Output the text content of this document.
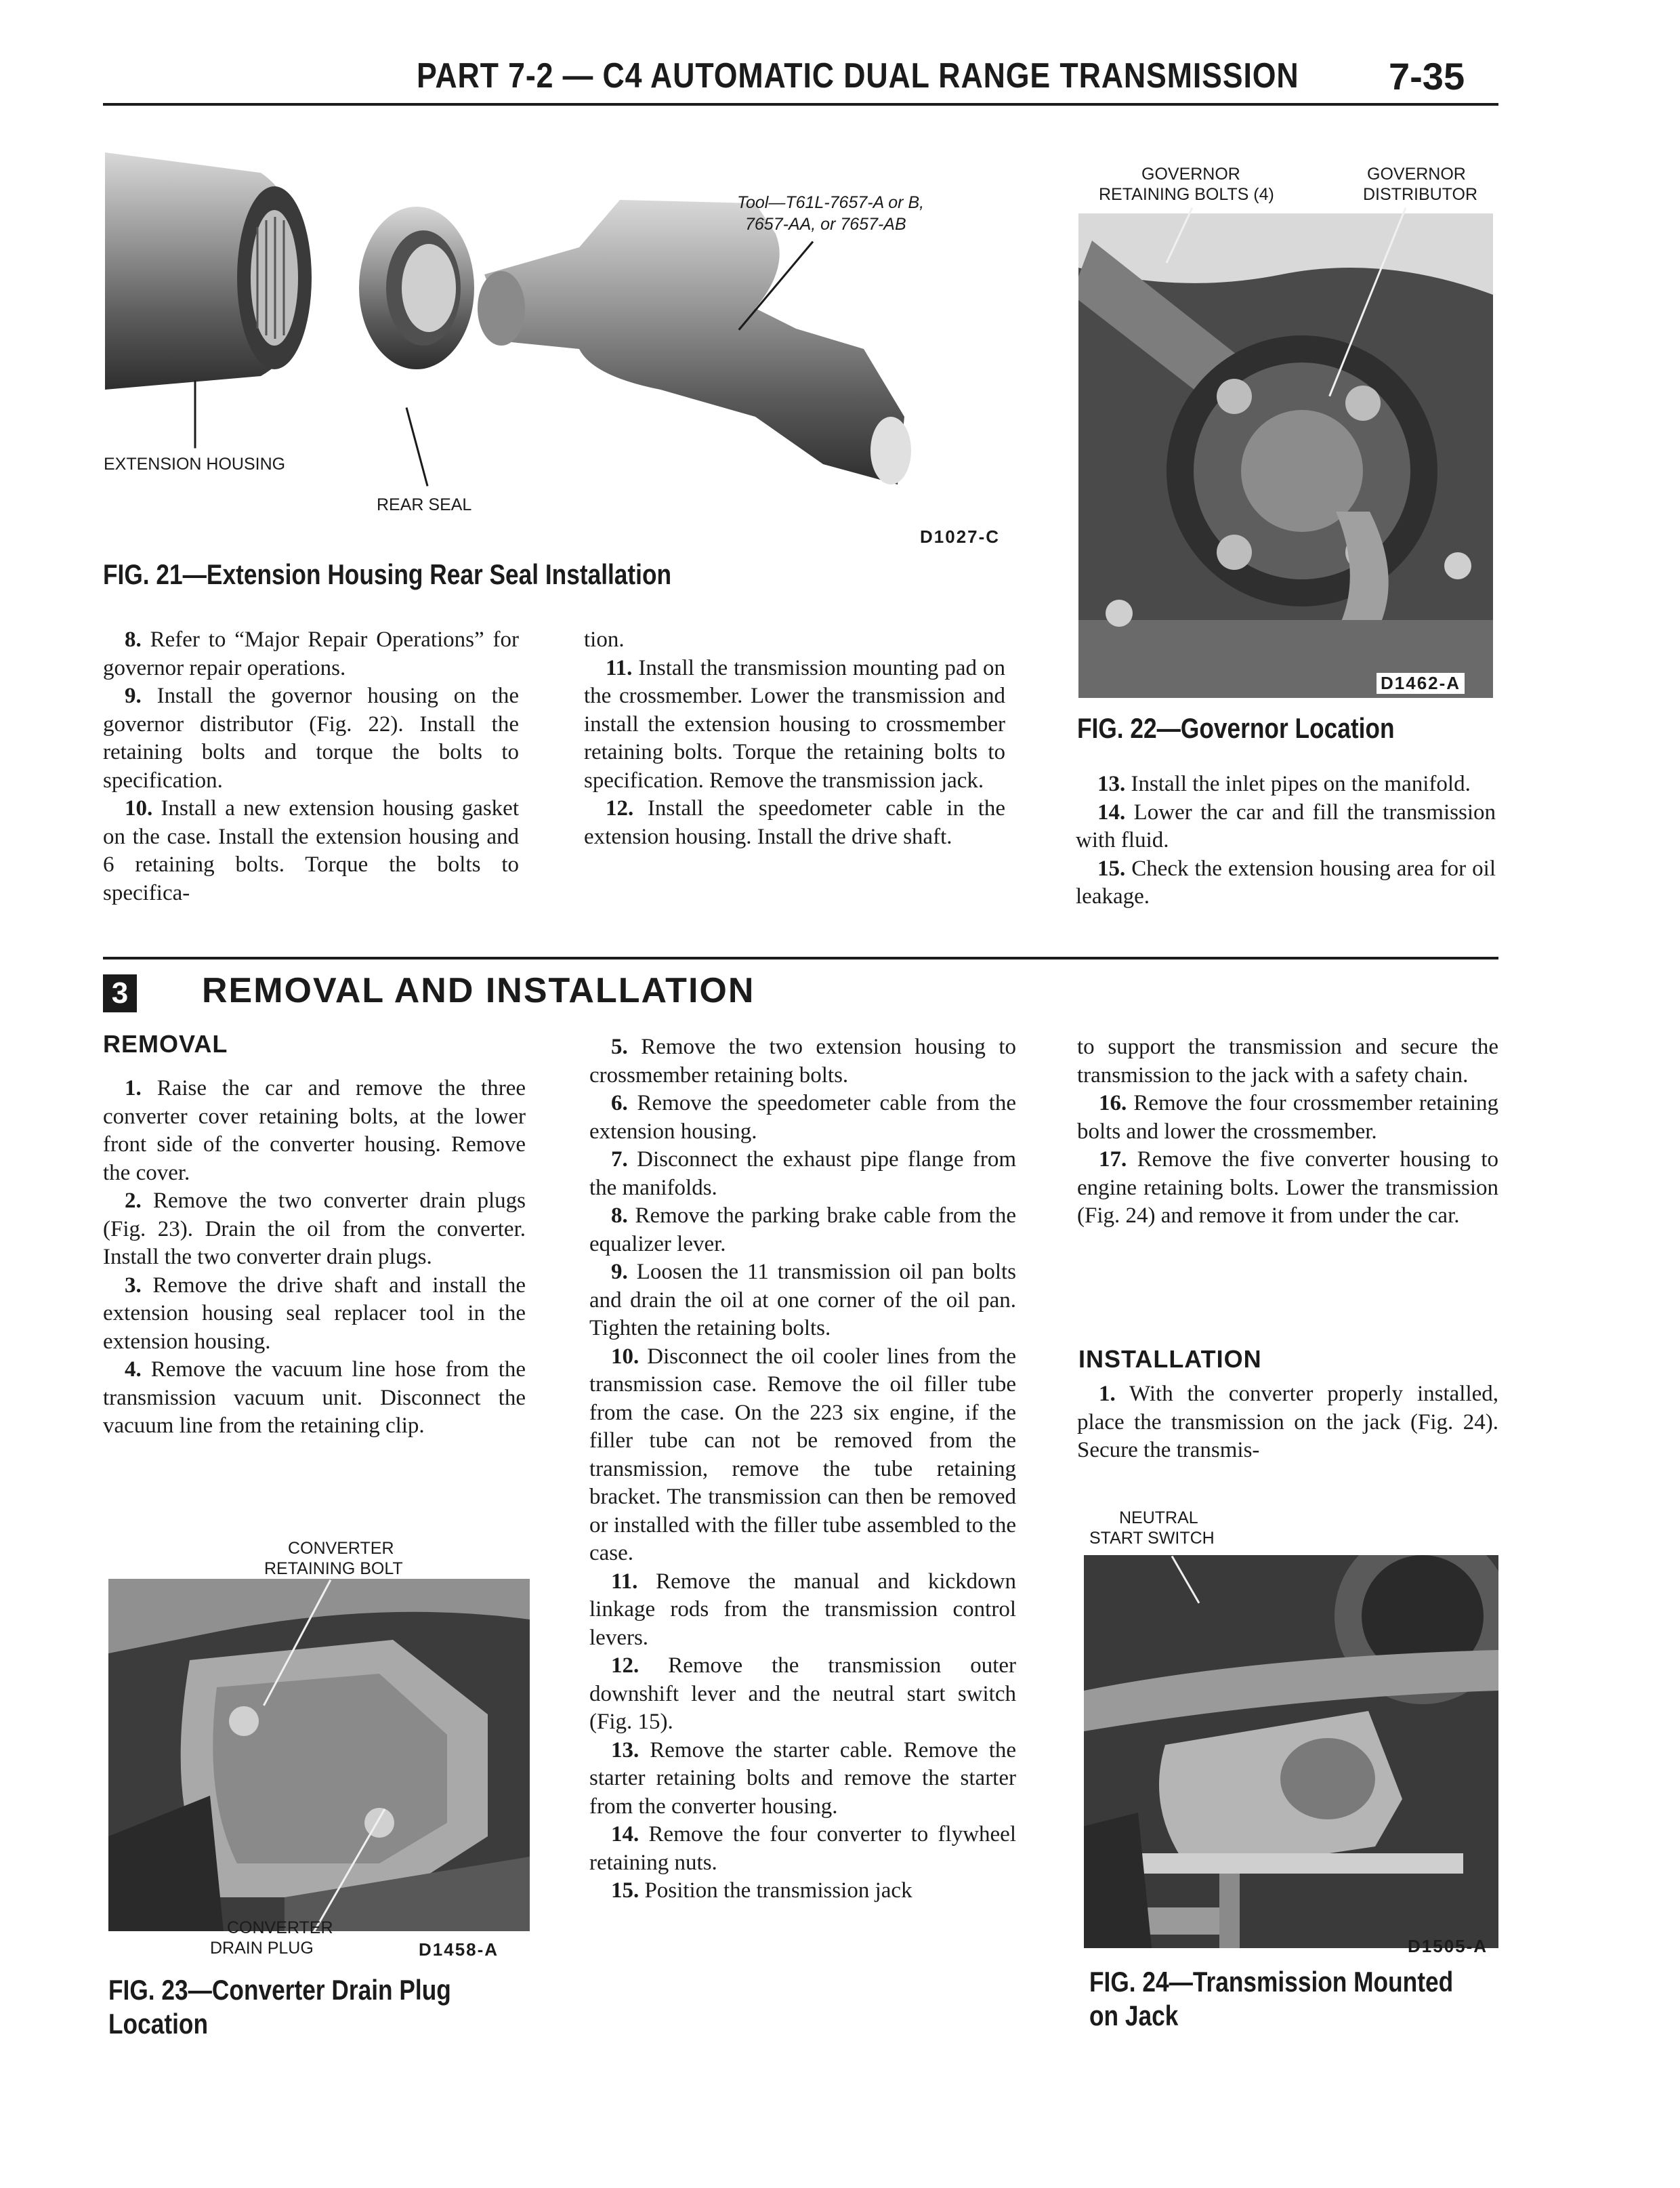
PART 7-2 — C4 AUTOMATIC DUAL RANGE TRANSMISSION 7-35
Tool—T61L-7657-A or B,
7657-AA, or 7657-AB
EXTENSION HOUSING
REAR SEAL
D1027-C
FIG. 21—Extension Housing Rear Seal Installation
GOVERNOR
RETAINING BOLTS (4)
GOVERNOR
DISTRIBUTOR
D1462-A
FIG. 22—Governor Location

8. Refer to “Major Repair Operations” for governor repair operations.

9. Install the governor housing on the governor distributor (Fig. 22). Install the retaining bolts and torque the bolts to specification.

10. Install a new extension housing gasket on the case. Install the extension housing and 6 retaining bolts. Torque the bolts to specifica-

tion.

11. Install the transmission mounting pad on the crossmember. Lower the transmission and install the extension housing to crossmember retaining bolts. Torque the retaining bolts to specification. Remove the transmission jack.

12. Install the speedometer cable in the extension housing. Install the drive shaft.

13. Install the inlet pipes on the manifold.

14. Lower the car and fill the transmission with fluid.

15. Check the extension housing area for oil leakage.

3 REMOVAL AND INSTALLATION
REMOVAL

1. Raise the car and remove the three converter cover retaining bolts, at the lower front side of the converter housing. Remove the cover.

2. Remove the two converter drain plugs (Fig. 23). Drain the oil from the converter. Install the two converter drain plugs.

3. Remove the drive shaft and install the extension housing seal replacer tool in the extension housing.

4. Remove the vacuum line hose from the transmission vacuum unit. Disconnect the vacuum line from the retaining clip.

CONVERTER
RETAINING BOLT
CONVERTER
DRAIN PLUG	D1458-A
FIG. 23—Converter Drain Plug
Location

5. Remove the two extension housing to crossmember retaining bolts.

6. Remove the speedometer cable from the extension housing.

7. Disconnect the exhaust pipe flange from the manifolds.

8. Remove the parking brake cable from the equalizer lever.

9. Loosen the 11 transmission oil pan bolts and drain the oil at one corner of the oil pan. Tighten the retaining bolts.

10. Disconnect the oil cooler lines from the transmission case. Remove the oil filler tube from the case. On the 223 six engine, if the filler tube can not be removed from the transmission, remove the tube retaining bracket. The transmission can then be removed or installed with the filler tube assembled to the case.

11. Remove the manual and kickdown linkage rods from the transmission control levers.

12. Remove the transmission outer downshift lever and the neutral start switch (Fig. 15).

13. Remove the starter cable. Remove the starter retaining bolts and remove the starter from the converter housing.

14. Remove the four converter to flywheel retaining nuts.

15. Position the transmission jack

to support the transmission and secure the transmission to the jack with a safety chain.

16. Remove the four crossmember retaining bolts and lower the crossmember.

17. Remove the five converter housing to engine retaining bolts. Lower the transmission (Fig. 24) and remove it from under the car.

INSTALLATION

1. With the converter properly installed, place the transmission on the jack (Fig. 24). Secure the transmis-

NEUTRAL
START SWITCH
D1505-A
FIG. 24—Transmission Mounted
on Jack
